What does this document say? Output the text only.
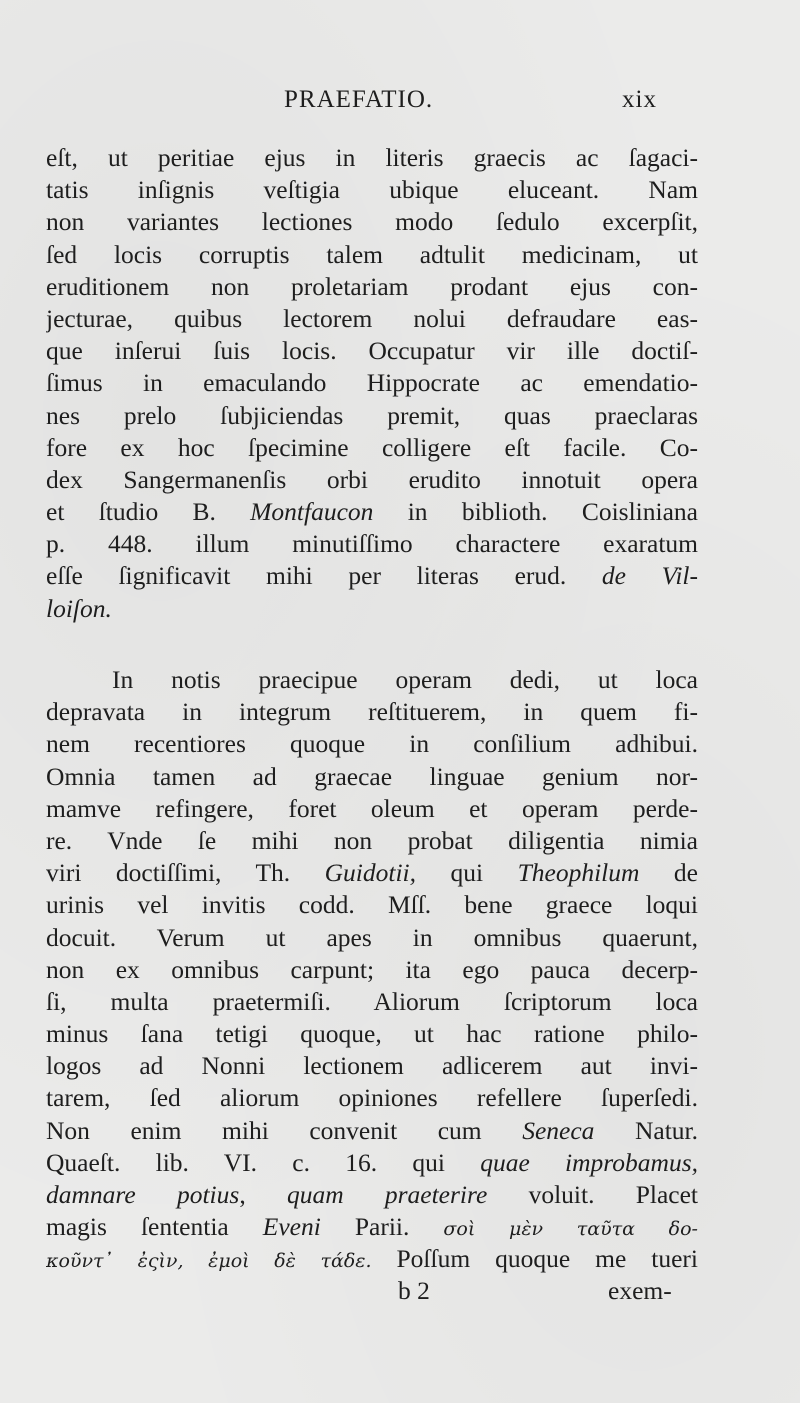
PRAEFATIO.	xix
eſt, ut peritiae ejus in literis graecis ac ſagaci-
tatis inſignis veſtigia ubique eluceant. Nam
non variantes lectiones modo ſedulo excerpſit,
ſed locis corruptis talem adtulit medicinam, ut
eruditionem non proletariam prodant ejus con-
jecturae, quibus lectorem nolui defraudare eas-
que inſerui ſuis locis. Occupatur vir ille doctiſ-
ſimus in emaculando Hippocrate ac emendatio-
nes prelo ſubjiciendas premit, quas praeclaras
fore ex hoc ſpecimine colligere eſt facile. Co-
dex Sangermanenſis orbi erudito innotuit opera
et ſtudio B. Montfaucon in biblioth. Coisliniana
p. 448. illum minutiſſimo charactere exaratum
eſſe ſignificavit mihi per literas erud. de Vil-
loiſon.
In notis praecipue operam dedi, ut loca
depravata in integrum reſtituerem, in quem fi-
nem recentiores quoque in conſilium adhibui.
Omnia tamen ad graecae linguae genium nor-
mamve refingere, foret oleum et operam perde-
re. Vnde ſe mihi non probat diligentia nimia
viri doctiſſimi, Th. Guidotii, qui Theophilum de
urinis vel invitis codd. Mſſ. bene graece loqui
docuit. Verum ut apes in omnibus quaerunt,
non ex omnibus carpunt; ita ego pauca decerp-
ſi, multa praetermiſi. Aliorum ſcriptorum loca
minus ſana tetigi quoque, ut hac ratione philo-
logos ad Nonni lectionem adlicerem aut invi-
tarem, ſed aliorum opiniones refellere ſuperſedi.
Non enim mihi convenit cum Seneca Natur.
Quaeſt. lib. VI. c. 16. qui quae improbamus,
damnare potius, quam praeterire voluit. Placet
magis ſententia Eveni Parii. σοὶ μὲν ταῦτα δο-
κοῦντ᾿ ἐςὶν, ἐμοὶ δὲ τάδε. Poſſum quoque me tueri
b 2	exem-
